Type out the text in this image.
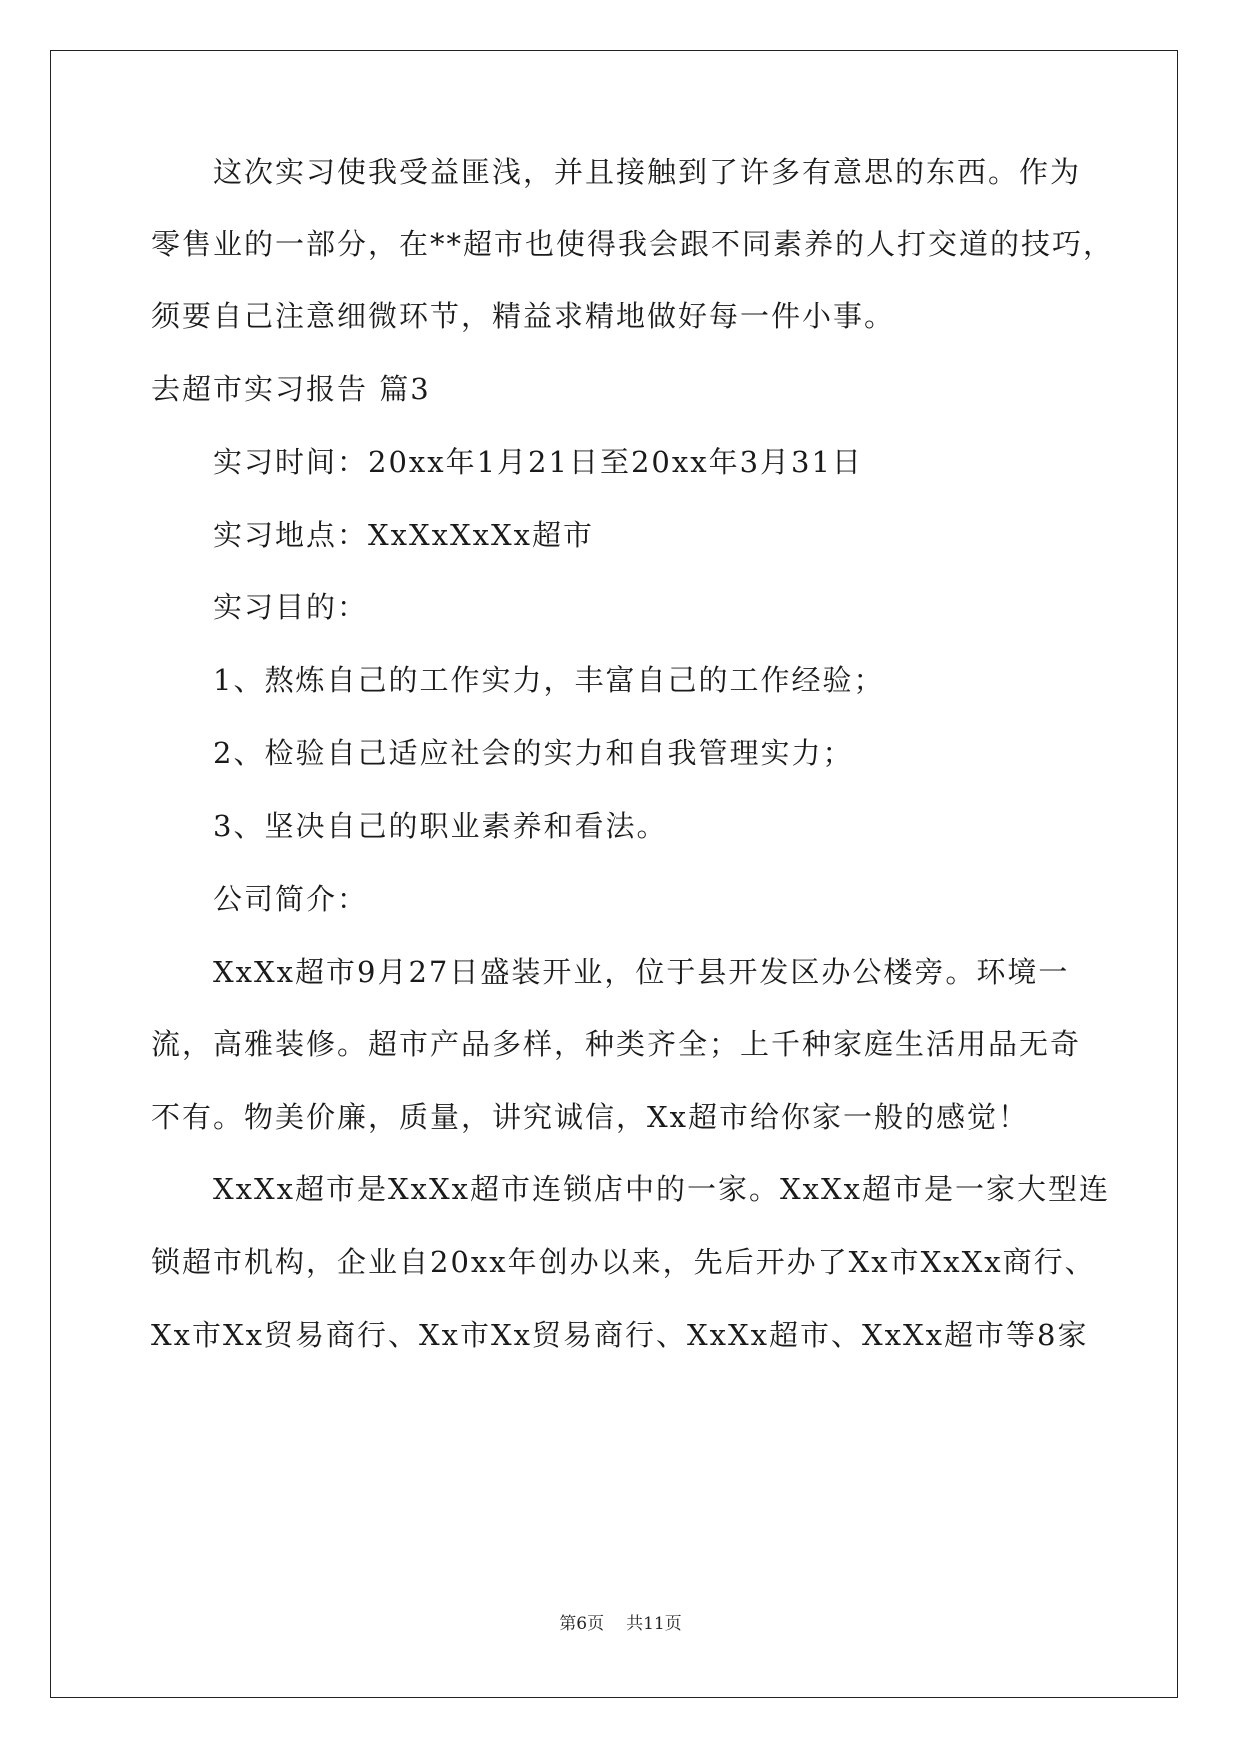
这次实习使我受益匪浅，并且接触到了许多有意思的东西。作为
零售业的一部分，在**超市也使得我会跟不同素养的人打交道的技巧，
须要自己注意细微环节，精益求精地做好每一件小事。
去超市实习报告 篇3
实习时间：20xx年1月21日至20xx年3月31日
实习地点：XxXxXxXx超市
实习目的：
1、熬炼自己的工作实力，丰富自己的工作经验；
2、检验自己适应社会的实力和自我管理实力；
3、坚决自己的职业素养和看法。
公司简介：
XxXx超市9月27日盛装开业，位于县开发区办公楼旁。环境一
流，高雅装修。超市产品多样，种类齐全；上千种家庭生活用品无奇
不有。物美价廉，质量，讲究诚信，Xx超市给你家一般的感觉！
XxXx超市是XxXx超市连锁店中的一家。XxXx超市是一家大型连
锁超市机构，企业自20xx年创办以来，先后开办了Xx市XxXx商行、
Xx市Xx贸易商行、Xx市Xx贸易商行、XxXx超市、XxXx超市等8家
第6页 共11页
